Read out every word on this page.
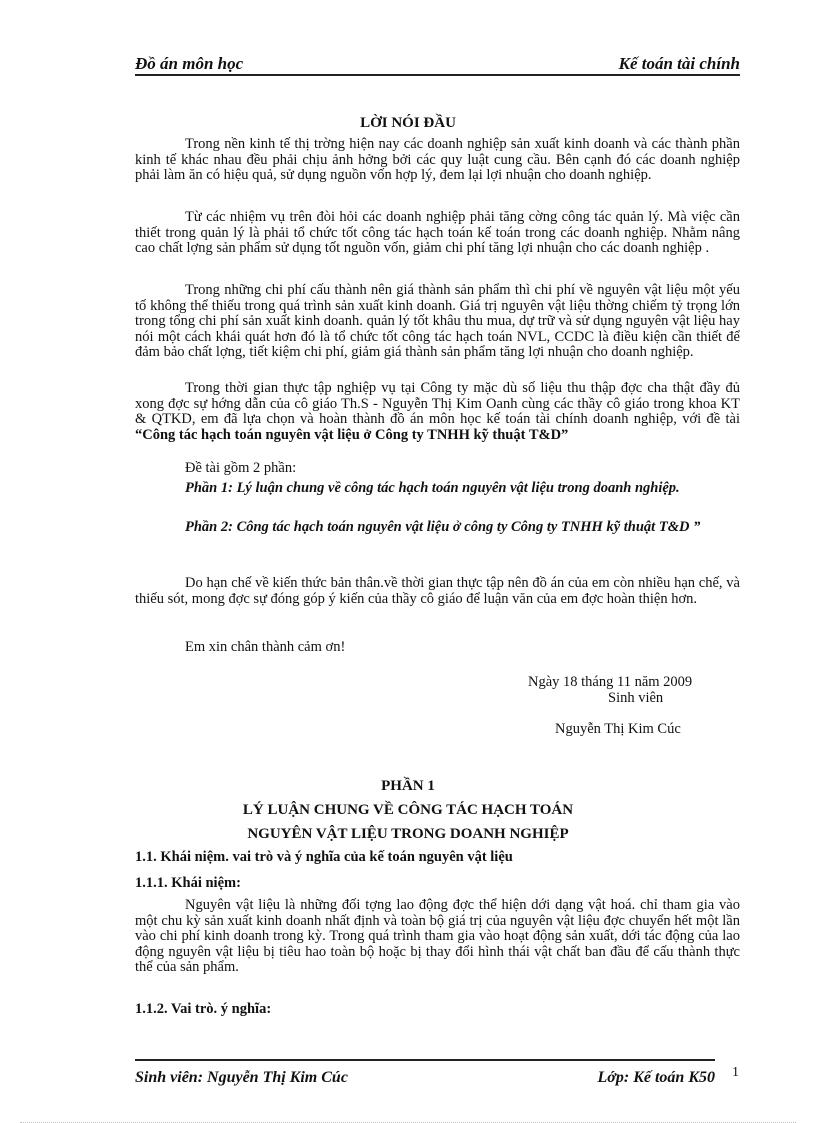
Đồ án môn học	Kế toán tài chính
LỜI NÓI ĐẦU

Trong nền kinh tế thị trờng hiện nay các doanh nghiệp sản xuất kinh doanh và các thành phần kinh tế khác nhau đều phải chịu ảnh hởng bởi các quy luật cung cầu. Bên cạnh đó các doanh nghiệp phải làm ăn có hiệu quả, sử dụng nguồn vốn hợp lý, đem lại lợi nhuận cho doanh nghiệp.

Từ các nhiệm vụ trên đòi hỏi các doanh nghiệp phải tăng cờng công tác quản lý. Mà việc cần thiết trong quản lý là phải tổ chức tốt công tác hạch toán kế toán trong các doanh nghiệp. Nhằm nâng cao chất lợng sản phẩm sử dụng tốt nguồn vốn, giảm chi phí tăng lợi nhuận cho các doanh nghiệp .

Trong những chi phí cấu thành nên giá thành sản phẩm thì chi phí về nguyên vật liệu một yếu tố không thể thiếu trong quá trình sản xuất kinh doanh. Giá trị nguyên vật liệu thờng chiếm tỷ trọng lớn trong tổng chi phí sản xuất kinh doanh. quản lý tốt khâu thu mua, dự trữ và sử dụng nguyên vật liệu hay nói một cách khái quát hơn đó là tổ chức tốt công tác hạch toán NVL, CCDC là điều kiện cần thiết để đảm bảo chất lợng, tiết kiệm chi phí, giảm giá thành sản phẩm tăng lợi nhuận cho doanh nghiệp.

Trong thời gian thực tập nghiệp vụ tại Công ty mặc dù số liệu thu thập đợc cha thật đầy đủ xong đợc sự hớng dẫn của cô giáo Th.S - Nguyễn Thị Kim Oanh cùng các thầy cô giáo trong khoa KT & QTKD, em đã lựa chọn và hoàn thành đồ án môn học kế toán tài chính doanh nghiệp, với đề tài “Công tác hạch toán nguyên vật liệu ở Công ty TNHH kỹ thuật T&D”

Đề tài gồm 2 phần:

Phần 1: Lý luận chung về công tác hạch toán nguyên vật liệu trong doanh nghiệp.

Phần 2: Công tác hạch toán nguyên vật liệu ở công ty Công ty TNHH kỹ thuật T&D ”

Do hạn chế về kiến thức bản thân.về thời gian thực tập nên đồ án của em còn nhiều hạn chế, và thiếu sót, mong đợc sự đóng góp ý kiến của thầy cô giáo để luận văn của em đợc hoàn thiện hơn.

Em xin chân thành cảm ơn!

Ngày 18 tháng 11 năm 2009
Sinh viên
Nguyễn Thị Kim Cúc
PHẦN 1
LÝ LUẬN CHUNG VỀ CÔNG TÁC HẠCH TOÁN
NGUYÊN VẬT LIỆU TRONG DOANH NGHIỆP
1.1. Khái niệm. vai trò và ý nghĩa của kế toán nguyên vật liệu
1.1.1. Khái niệm:

Nguyên vật liệu là những đối tợng lao động đợc thể hiện dới dạng vật hoá. chỉ tham gia vào một chu kỳ sản xuất kinh doanh nhất định và toàn bộ giá trị của nguyên vật liệu đợc chuyển hết một lần vào chi phí kinh doanh trong kỳ. Trong quá trình tham gia vào hoạt động sản xuất, dới tác động của lao động nguyên vật liệu bị tiêu hao toàn bộ hoặc bị thay đổi hình thái vật chất ban đầu để cấu thành thực thể của sản phẩm.

1.1.2. Vai trò. ý nghĩa:
Sinh viên: Nguyễn Thị Kim Cúc	Lớp: Kế toán K50 1
